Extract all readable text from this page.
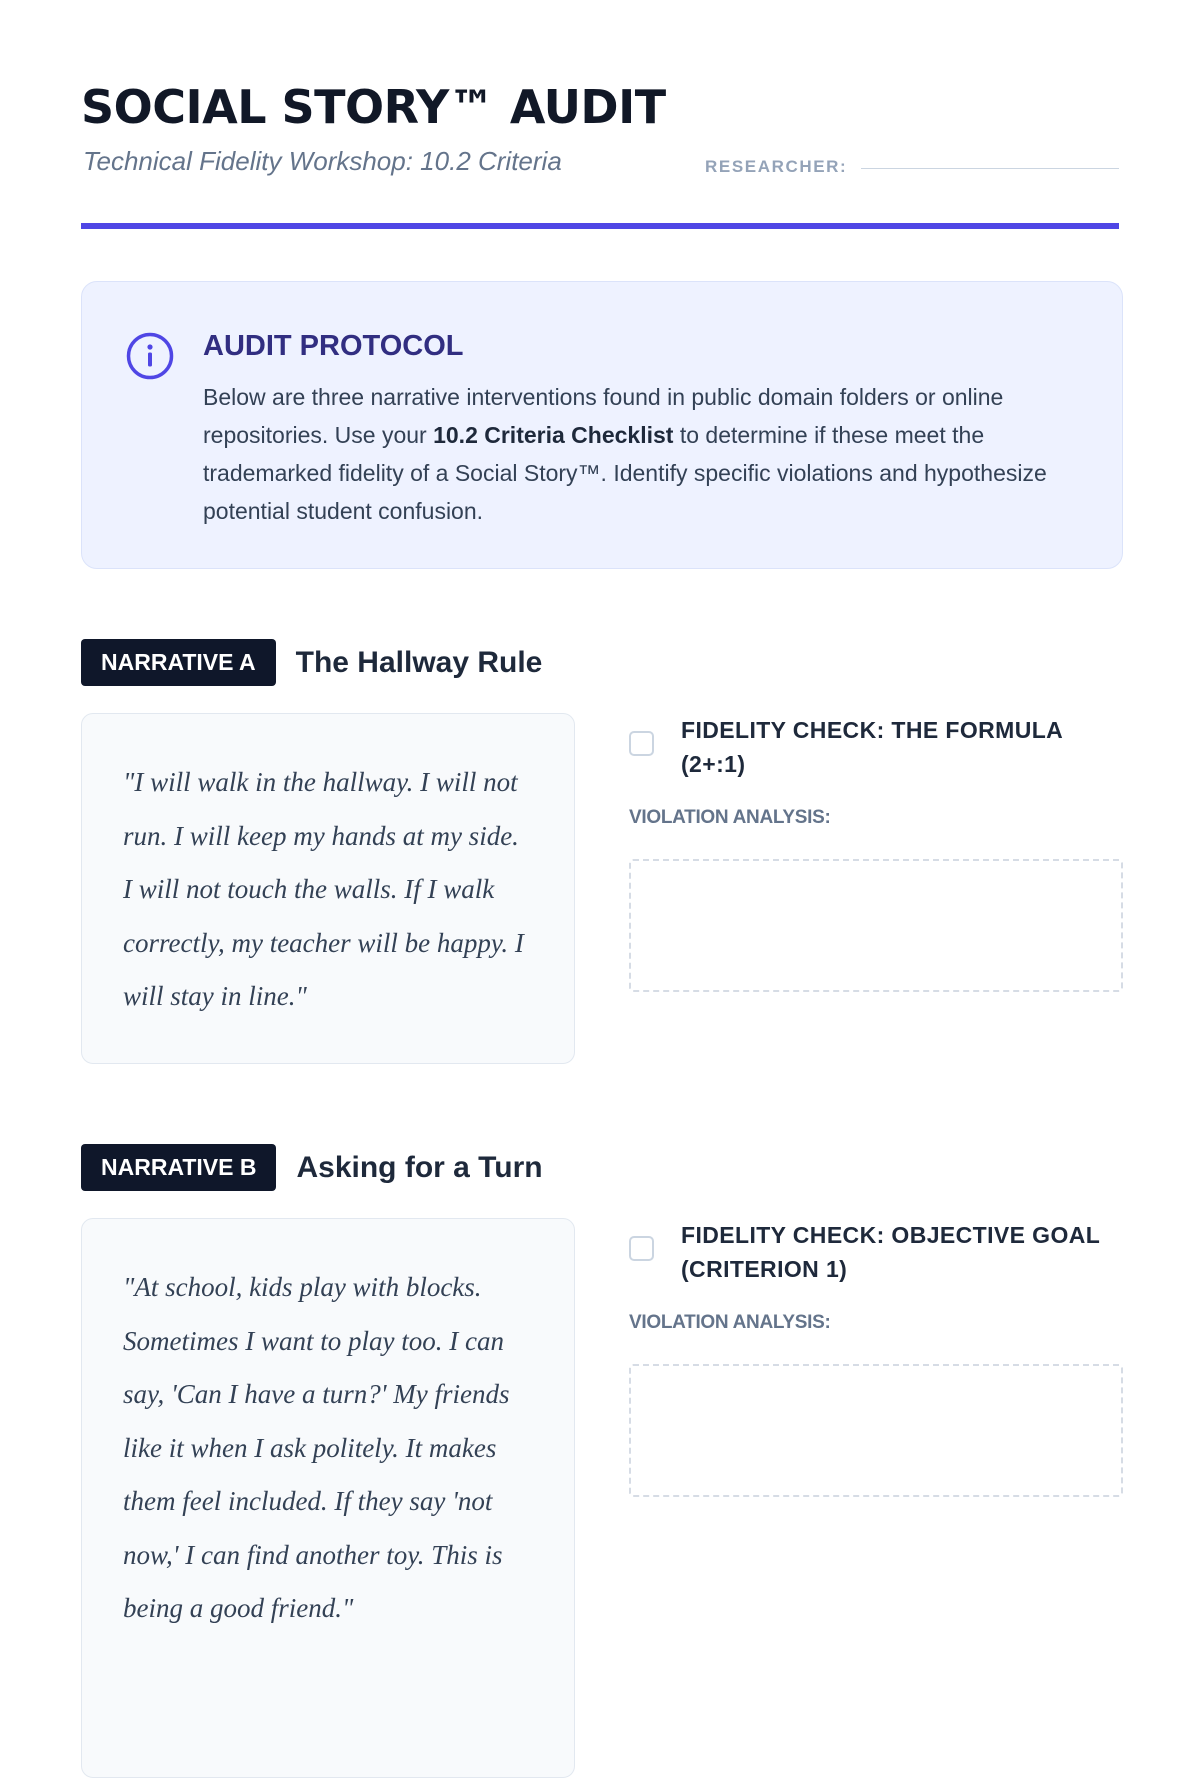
SOCIAL STORY™ AUDIT
Technical Fidelity Workshop: 10.2 Criteria	RESEARCHER:
AUDIT PROTOCOL

Below are three narrative interventions found in public domain folders or online repositories. Use your 10.2 Criteria Checklist to determine if these meet the trademarked fidelity of a Social Story™. Identify specific violations and hypothesize potential student confusion.

NARRATIVE A	The Hallway Rule
"I will walk in the hallway. I will not run. I will keep my hands at my side. I will not touch the walls. If I walk correctly, my teacher will be happy. I will stay in line."
FIDELITY CHECK: THE FORMULA (2+:1)
VIOLATION ANALYSIS:
NARRATIVE B	Asking for a Turn
"At school, kids play with blocks. Sometimes I want to play too. I can say, 'Can I have a turn?' My friends like it when I ask politely. It makes them feel included. If they say 'not now,' I can find another toy. This is being a good friend."
FIDELITY CHECK: OBJECTIVE GOAL (CRITERION 1)
VIOLATION ANALYSIS:
